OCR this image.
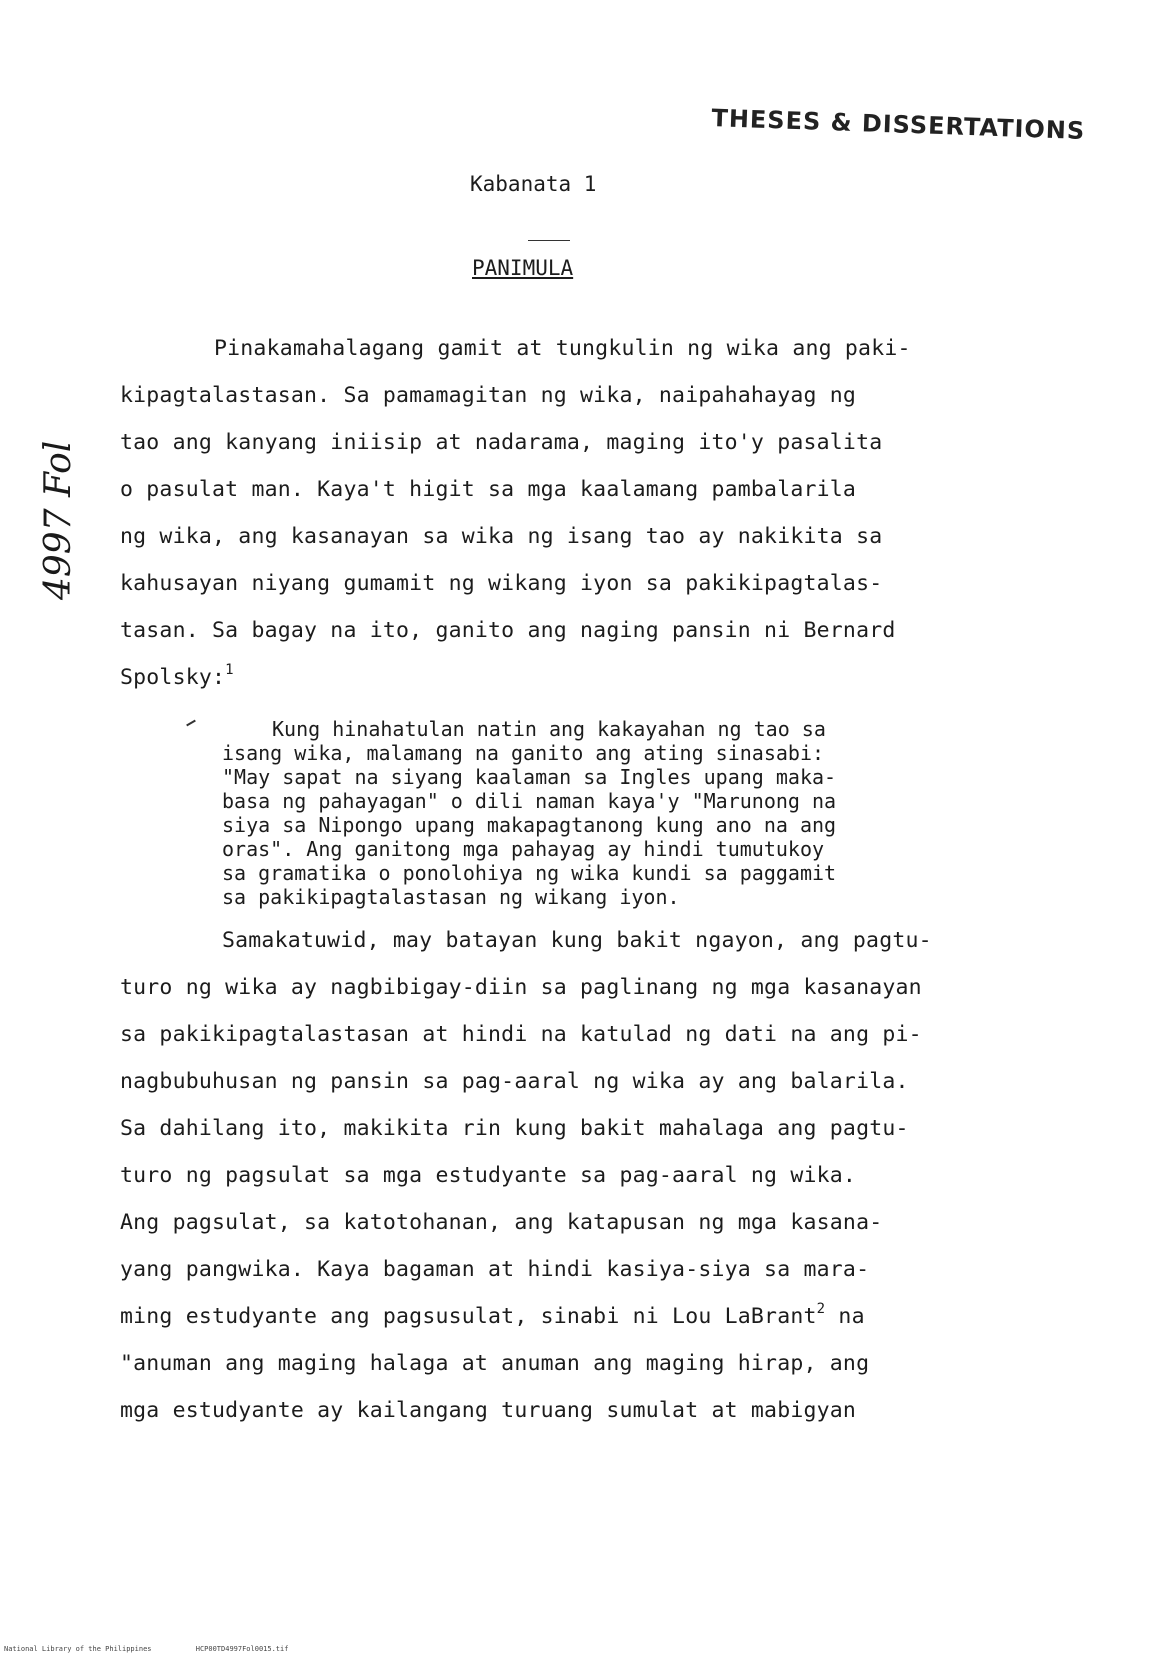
THESES & DISSERTATIONS
Kabanata 1
PANIMULA
4997 Fol
Pinakamahalagang gamit at tungkulin ng wika ang paki-
kipagtalastasan. Sa pamamagitan ng wika, naipahahayag ng
tao ang kanyang iniisip at nadarama, maging ito'y pasalita
o pasulat man. Kaya't higit sa mga kaalamang pambalarila
ng wika, ang kasanayan sa wika ng isang tao ay nakikita sa
kahusayan niyang gumamit ng wikang iyon sa pakikipagtalas-
tasan. Sa bagay na ito, ganito ang naging pansin ni Bernard
Spolsky:$^1$
Kung hinahatulan natin ang kakayahan ng tao sa
isang wika, malamang na ganito ang ating sinasabi:
"May sapat na siyang kaalaman sa Ingles upang maka-
basa ng pahayagan" o dili naman kaya'y "Marunong na
siya sa Nipongo upang makapagtanong kung ano na ang
oras". Ang ganitong mga pahayag ay hindi tumutukoy
sa gramatika o ponolohiya ng wika kundi sa paggamit
sa pakikipagtalastasan ng wikang iyon.
Samakatuwid, may batayan kung bakit ngayon, ang pagtu-
turo ng wika ay nagbibigay-diin sa paglinang ng mga kasanayan
sa pakikipagtalastasan at hindi na katulad ng dati na ang pi-
nagbubuhusan ng pansin sa pag-aaral ng wika ay ang balarila.
Sa dahilang ito, makikita rin kung bakit mahalaga ang pagtu-
turo ng pagsulat sa mga estudyante sa pag-aaral ng wika.
Ang pagsulat, sa katotohanan, ang katapusan ng mga kasana-
yang pangwika. Kaya bagaman at hindi kasiya-siya sa mara-
ming estudyante ang pagsusulat, sinabi ni Lou LaBrant$^2$ na
"anuman ang maging halaga at anuman ang maging hirap, ang
mga estudyante ay kailangang turuang sumulat at mabigyan
National Library of the Philippines	HCP00TD4997Fol0015.tif
